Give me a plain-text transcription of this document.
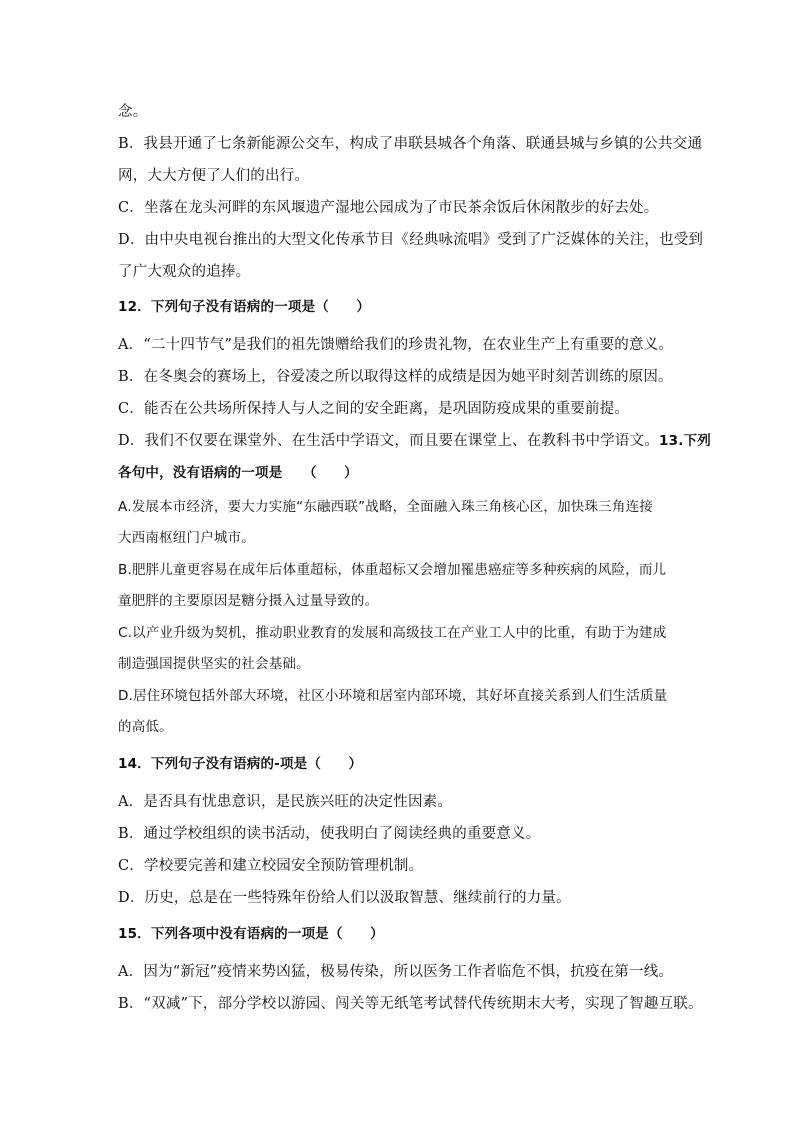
念。
B．我县开通了七条新能源公交车，构成了串联县城各个角落、联通县城与乡镇的公共交通
网，大大方便了人们的出行。
C．坐落在龙头河畔的东风堰遗产湿地公园成为了市民茶余饭后休闲散步的好去处。
D．由中央电视台推出的大型文化传承节目《经典咏流唱》受到了广泛媒体的关注，也受到
了广大观众的追捧。
12．下列句子没有语病的一项是（　　）
A．“二十四节气”是我们的祖先馈赠给我们的珍贵礼物，在农业生产上有重要的意义。
B．在冬奥会的赛场上，谷爱凌之所以取得这样的成绩是因为她平时刻苦训练的原因。
C．能否在公共场所保持人与人之间的安全距离，是巩固防疫成果的重要前提。
D．我们不仅要在课堂外、在生活中学语文，而且要在课堂上、在教科书中学语文。13.下列
各句中，没有语病的一项是　　（　　）
A.发展本市经济，要大力实施“东融西联”战略，全面融入珠三角核心区，加快珠三角连接
大西南枢纽门户城市。
B.肥胖儿童更容易在成年后体重超标，体重超标又会增加罹患癌症等多种疾病的风险，而儿
童肥胖的主要原因是糖分摄入过量导致的。
C.以产业升级为契机，推动职业教育的发展和高级技工在产业工人中的比重，有助于为建成
制造强国提供坚实的社会基础。
D.居住环境包括外部大环境，社区小环境和居室内部环境，其好坏直接关系到人们生活质量
的高低。
14．下列句子没有语病的-项是（　　）
A．是否具有忧患意识，是民族兴旺的决定性因素。
B．通过学校组织的读书活动，使我明白了阅读经典的重要意义。
C．学校要完善和建立校园安全预防管理机制。
D．历史，总是在一些特殊年份给人们以汲取智慧、继续前行的力量。
15．下列各项中没有语病的一项是（　　）
A．因为“新冠”疫情来势凶猛，极易传染，所以医务工作者临危不惧，抗疫在第一线。
B．“双减”下，部分学校以游园、闯关等无纸笔考试替代传统期末大考，实现了智趣互联。
